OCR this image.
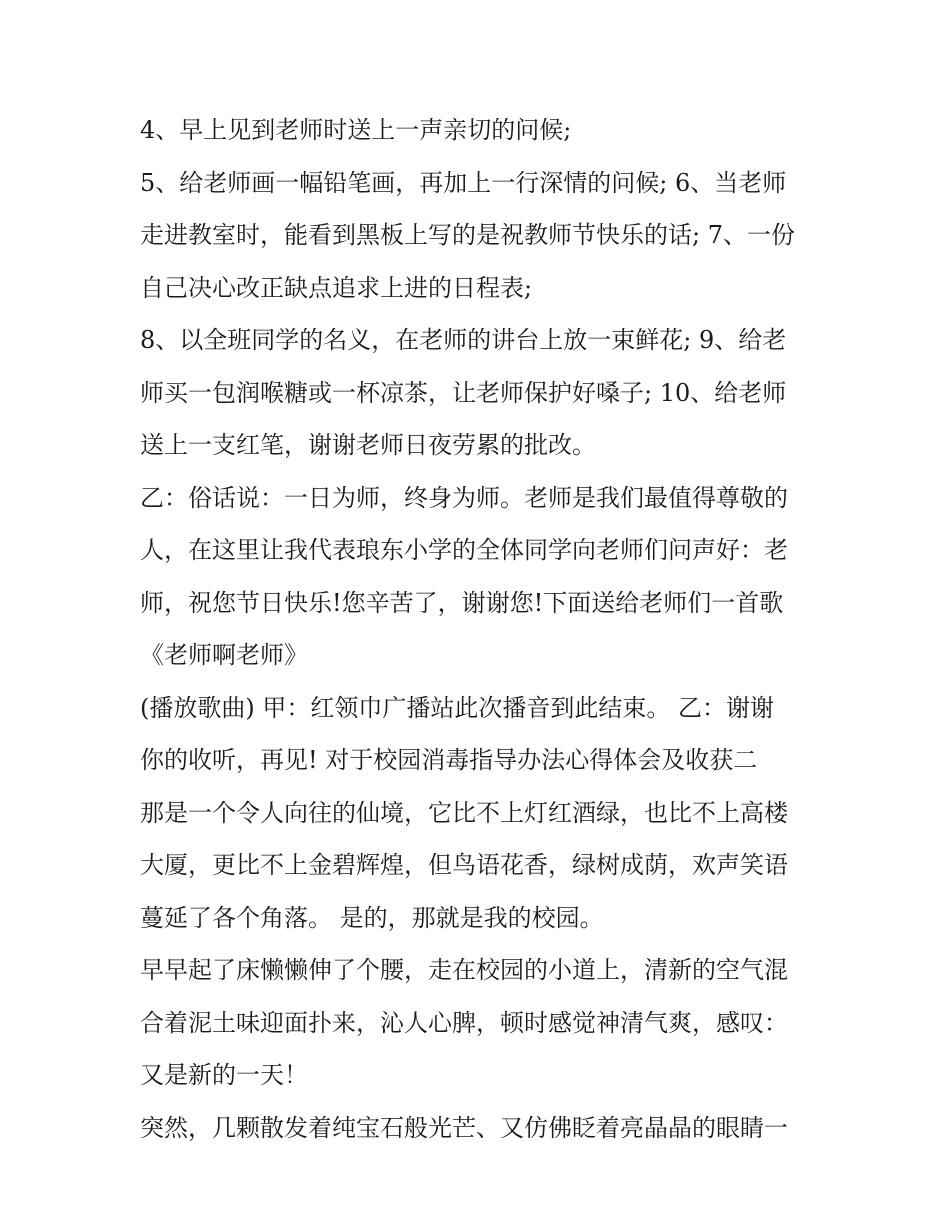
4、早上见到老师时送上一声亲切的问候;
5、给老师画一幅铅笔画，再加上一行深情的问候; 6、当老师
走进教室时，能看到黑板上写的是祝教师节快乐的话; 7、一份
自己决心改正缺点追求上进的日程表;
8、以全班同学的名义，在老师的讲台上放一束鲜花; 9、给老
师买一包润喉糖或一杯凉茶，让老师保护好嗓子; 10、给老师
送上一支红笔，谢谢老师日夜劳累的批改。
乙：俗话说：一日为师，终身为师。老师是我们最值得尊敬的
人，在这里让我代表琅东小学的全体同学向老师们问声好：老
师，祝您节日快乐!您辛苦了，谢谢您!下面送给老师们一首歌
《老师啊老师》
(播放歌曲) 甲：红领巾广播站此次播音到此结束。 乙：谢谢
你的收听，再见! 对于校园消毒指导办法心得体会及收获二
那是一个令人向往的仙境，它比不上灯红酒绿，也比不上高楼
大厦，更比不上金碧辉煌，但鸟语花香，绿树成荫，欢声笑语
蔓延了各个角落。 是的，那就是我的校园。
早早起了床懒懒伸了个腰，走在校园的小道上，清新的空气混
合着泥土味迎面扑来，沁人心脾，顿时感觉神清气爽，感叹：
又是新的一天！
突然，几颗散发着纯宝石般光芒、又仿佛眨着亮晶晶的眼睛一
